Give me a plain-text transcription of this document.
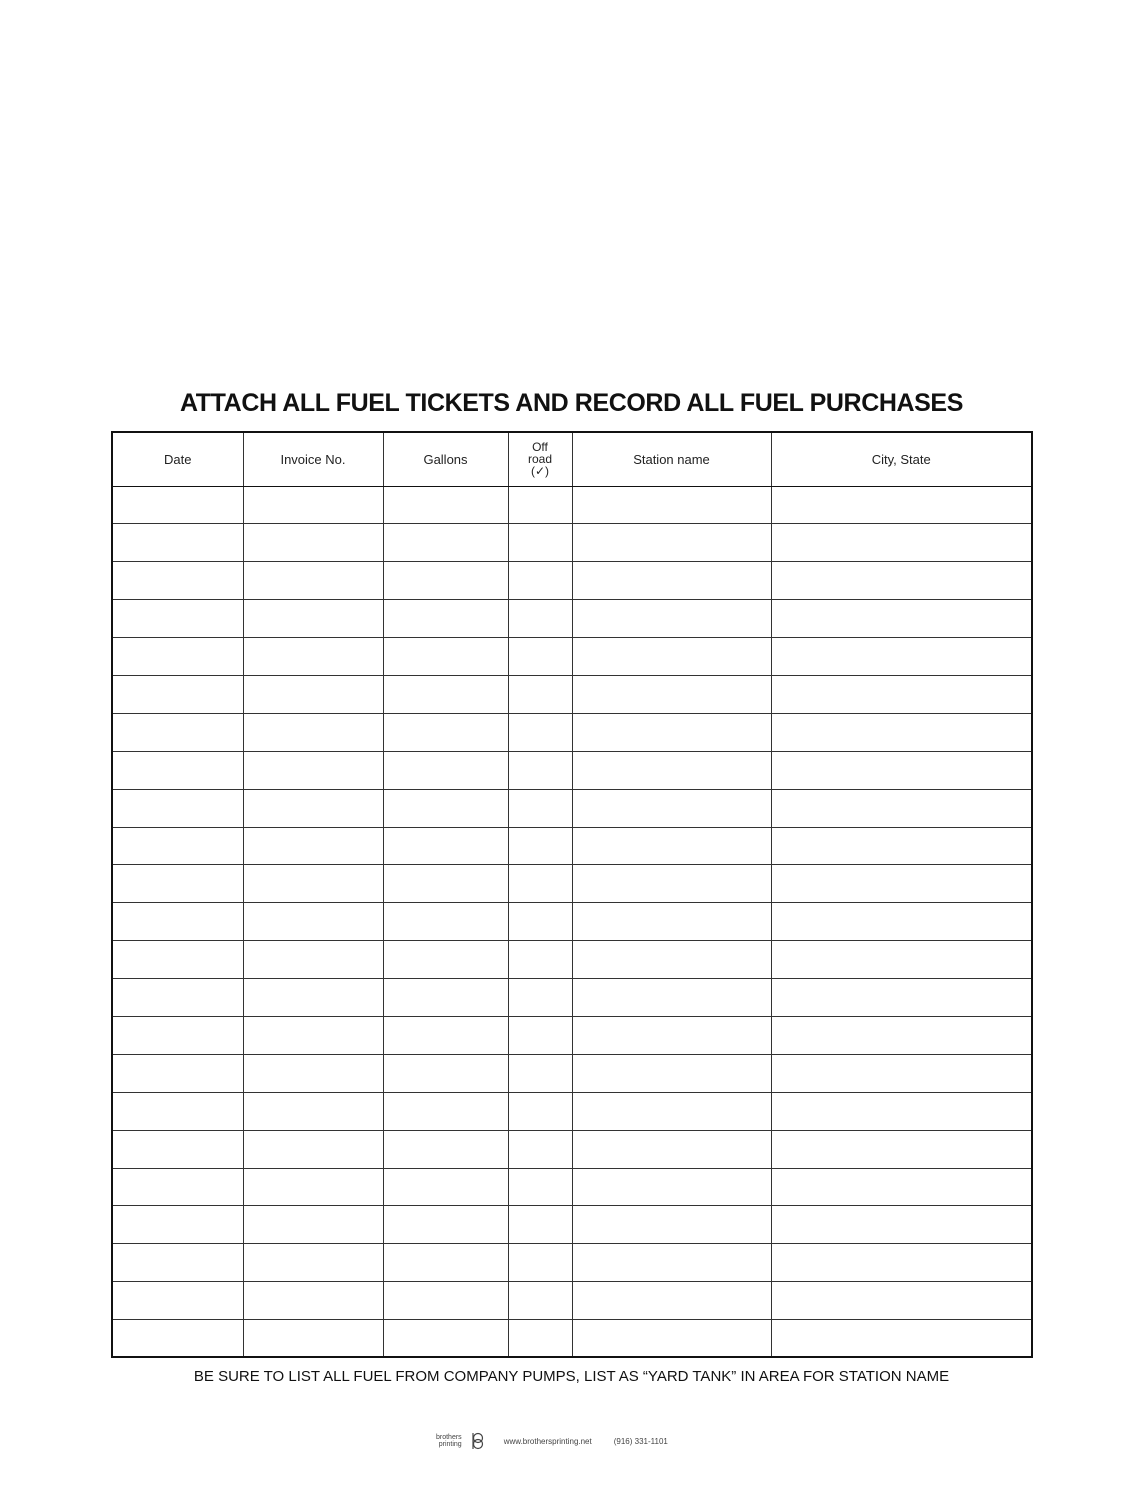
ATTACH ALL FUEL TICKETS AND RECORD ALL FUEL PURCHASES
Date	Invoice No.	Gallons	Off
road
(✓)	Station name	City, State

BE SURE TO LIST ALL FUEL FROM COMPANY PUMPS, LIST AS “YARD TANK” IN AREA FOR STATION NAME
brothers
printing	www.brothersprinting.net	(916) 331-1101
